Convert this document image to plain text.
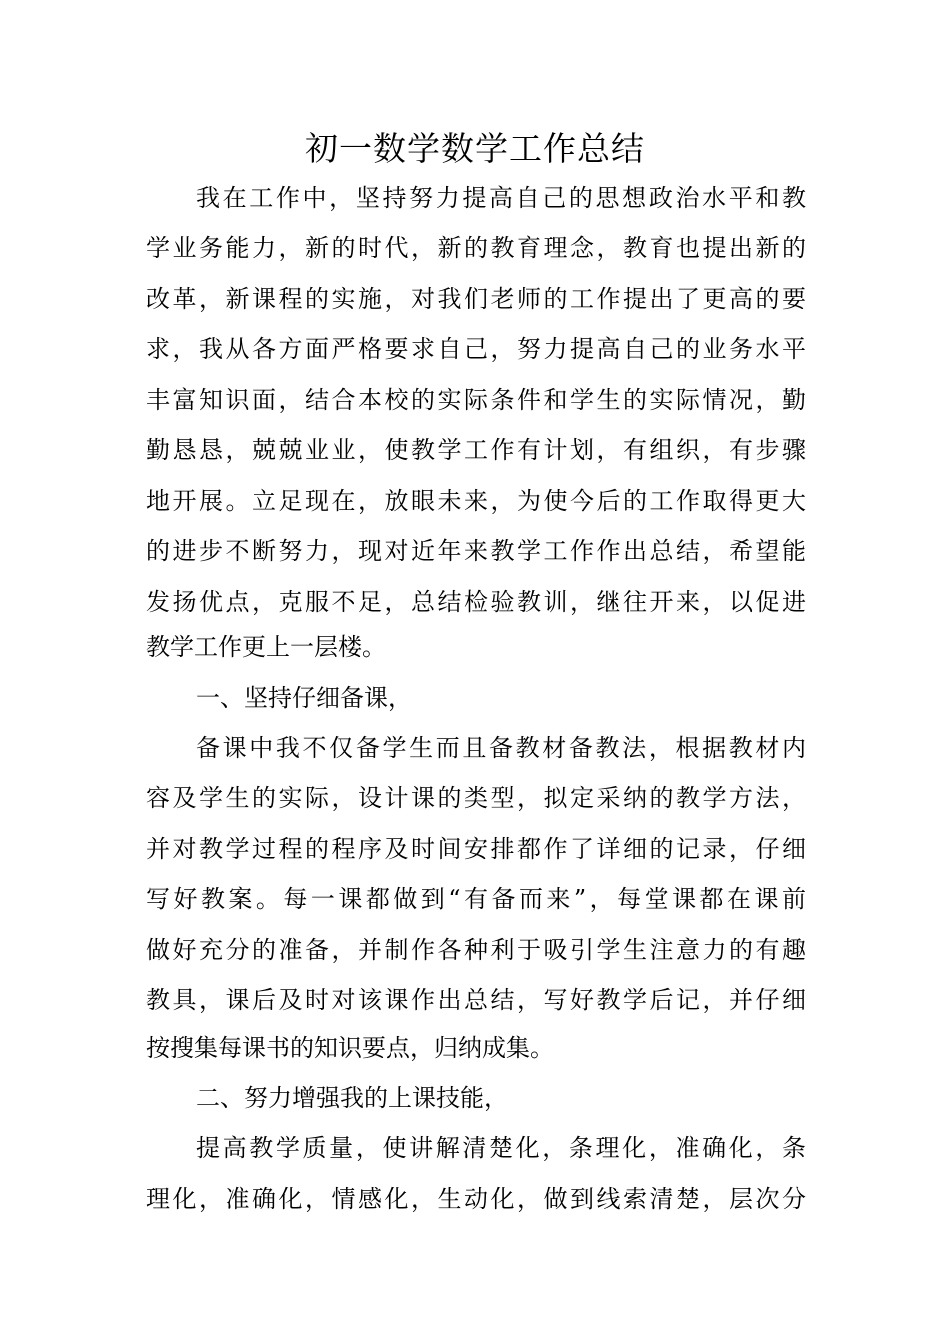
初一数学数学工作总结
我在工作中，坚持努力提高自己的思想政治水平和教
学业务能力，新的时代，新的教育理念，教育也提出新的
改革，新课程的实施，对我们老师的工作提出了更高的要
求，我从各方面严格要求自己，努力提高自己的业务水平
丰富知识面，结合本校的实际条件和学生的实际情况，勤
勤恳恳，兢兢业业，使教学工作有计划，有组织，有步骤
地开展。立足现在，放眼未来，为使今后的工作取得更大
的进步不断努力，现对近年来教学工作作出总结，希望能
发扬优点，克服不足，总结检验教训，继往开来，以促进
教学工作更上一层楼。
一、坚持仔细备课，
备课中我不仅备学生而且备教材备教法，根据教材内
容及学生的实际，设计课的类型，拟定采纳的教学方法，
并对教学过程的程序及时间安排都作了详细的记录，仔细
写好教案。每一课都做到“有备而来”，每堂课都在课前
做好充分的准备，并制作各种利于吸引学生注意力的有趣
教具，课后及时对该课作出总结，写好教学后记，并仔细
按搜集每课书的知识要点，归纳成集。
二、努力增强我的上课技能，
提高教学质量，使讲解清楚化，条理化，准确化，条
理化，准确化，情感化，生动化，做到线索清楚，层次分
